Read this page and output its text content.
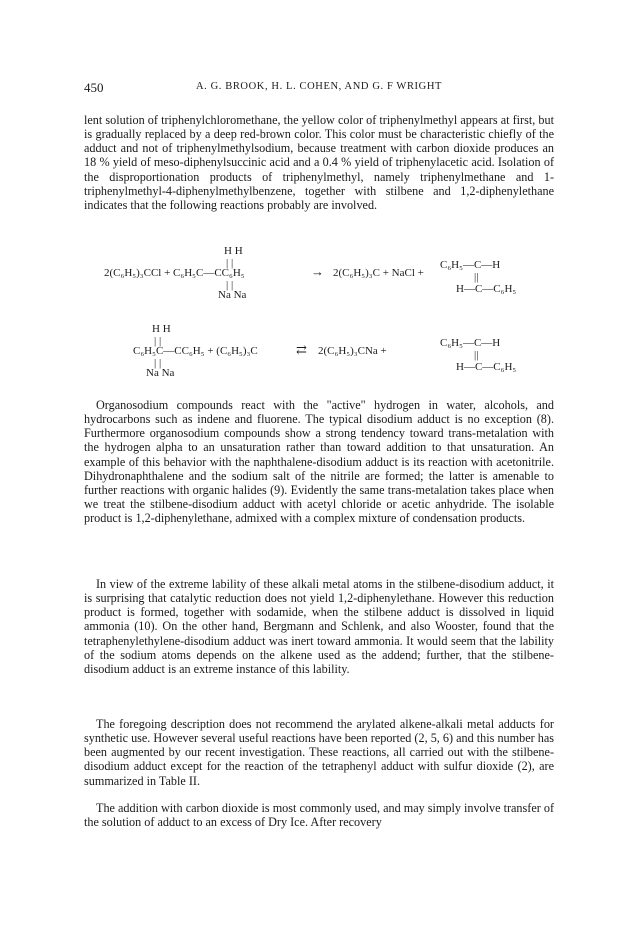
450	A. G. BROOK, H. L. COHEN, AND G. F WRIGHT

lent solution of triphenylchloromethane, the yellow color of triphenylmethyl appears at first, but is gradually replaced by a deep red-brown color. This color must be characteristic chiefly of the adduct and not of triphenylmethylsodium, because treatment with carbon dioxide produces an 18 % yield of meso-diphenylsuccinic acid and a 0.4 % yield of triphenylacetic acid. Isolation of the disproportionation products of triphenylmethyl, namely triphenylmethane and 1-triphenylmethyl-4-diphenylmethylbenzene, together with stilbene and 1,2-diphenylethane indicates that the following reactions probably are involved.

H H
| |
2(C₆H₅)₃CCl + C₆H₅C—CC₆H₅	→ 2(C₆H₅)₃C + NaCl +
| |
Na Na
C₆H₅—C—H
||
H—C—C₆H₅
H H
| |
C₆H₅C—CC₆H₅ + (C₆H₅)₃C	⇄ 2(C₆H₅)₃CNa +
| |
Na Na
C₆H₅—C—H
||
H—C—C₆H₅

Organosodium compounds react with the "active" hydrogen in water, alcohols, and hydrocarbons such as indene and fluorene. The typical disodium adduct is no exception (8). Furthermore organosodium compounds show a strong tendency toward trans-metalation with the hydrogen alpha to an unsaturation rather than toward addition to that unsaturation. An example of this behavior with the naphthalene-disodium adduct is its reaction with acetonitrile. Dihydronaphthalene and the sodium salt of the nitrile are formed; the latter is amenable to further reactions with organic halides (9). Evidently the same trans-metalation takes place when we treat the stilbene-disodium adduct with acetyl chloride or acetic anhydride. The isolable product is 1,2-diphenylethane, admixed with a complex mixture of condensation products.

In view of the extreme lability of these alkali metal atoms in the stilbene-disodium adduct, it is surprising that catalytic reduction does not yield 1,2-diphenylethane. However this reduction product is formed, together with sodamide, when the stilbene adduct is dissolved in liquid ammonia (10). On the other hand, Bergmann and Schlenk, and also Wooster, found that the tetraphenylethylene-disodium adduct was inert toward ammonia. It would seem that the lability of the sodium atoms depends on the alkene used as the addend; further, that the stilbene-disodium adduct is an extreme instance of this lability.

The foregoing description does not recommend the arylated alkene-alkali metal adducts for synthetic use. However several useful reactions have been reported (2, 5, 6) and this number has been augmented by our recent investigation. These reactions, all carried out with the stilbene-disodium adduct except for the reaction of the tetraphenyl adduct with sulfur dioxide (2), are summarized in Table II.

The addition with carbon dioxide is most commonly used, and may simply involve transfer of the solution of adduct to an excess of Dry Ice. After recovery
